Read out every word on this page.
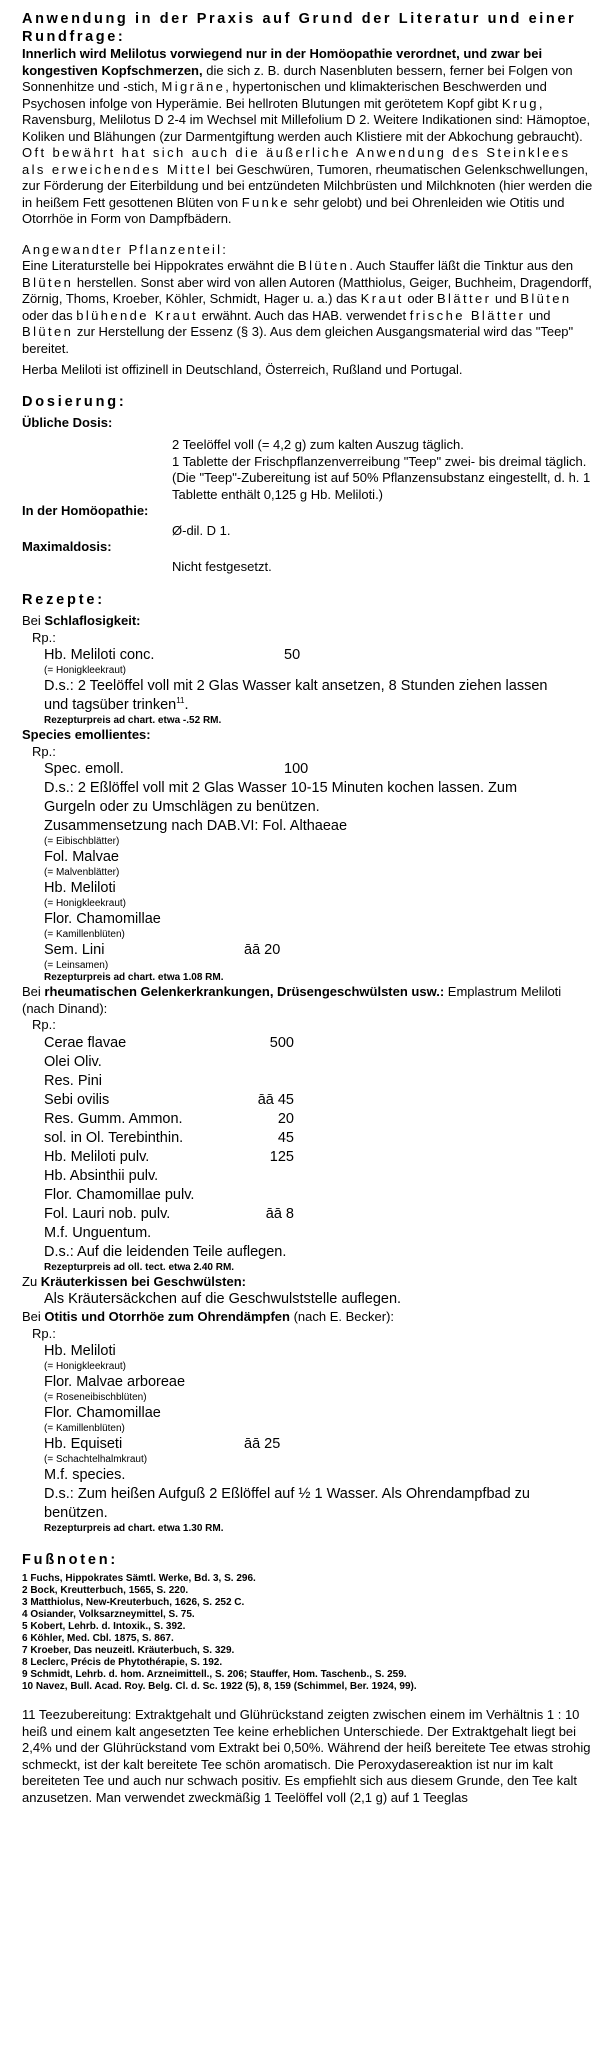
Anwendung in der Praxis auf Grund der Literatur und einer Rundfrage:

Innerlich wird Melilotus vorwiegend nur in der Homöopathie verordnet, und zwar bei kongestiven Kopfschmerzen, die sich z. B. durch Nasenbluten bessern, ferner bei Folgen von Sonnenhitze und -stich, Migräne, hypertonischen und klimakterischen Beschwerden und Psychosen infolge von Hyperämie. Bei hellroten Blutungen mit gerötetem Kopf gibt Krug, Ravensburg, Melilotus D 2-4 im Wechsel mit Millefolium D 2. Weitere Indikationen sind: Hämoptoe, Koliken und Blähungen (zur Darmentgiftung werden auch Klistiere mit der Abkochung gebraucht).

Oft bewährt hat sich auch die äußerliche Anwendung des Steinklees als erweichendes Mittel bei Geschwüren, Tumoren, rheumatischen Gelenkschwellungen, zur Förderung der Eiterbildung und bei entzündeten Milchbrüsten und Milchknoten (hier werden die in heißem Fett gesottenen Blüten von Funke sehr gelobt) und bei Ohrenleiden wie Otitis und Otorrhöe in Form von Dampfbädern.

Angewandter Pflanzenteil:

Eine Literaturstelle bei Hippokrates erwähnt die Blüten. Auch Stauffer läßt die Tinktur aus den Blüten herstellen. Sonst aber wird von allen Autoren (Matthiolus, Geiger, Buchheim, Dragendorff, Zörnig, Thoms, Kroeber, Köhler, Schmidt, Hager u. a.) das Kraut oder Blätter und Blüten oder das blühende Kraut erwähnt. Auch das HAB. verwendet frische Blätter und Blüten zur Herstellung der Essenz (§ 3). Aus dem gleichen Ausgangsmaterial wird das "Teep" bereitet.

Herba Meliloti ist offizinell in Deutschland, Österreich, Rußland und Portugal.

Dosierung:

Übliche Dosis:

2 Teelöffel voll (= 4,2 g) zum kalten Auszug täglich.

1 Tablette der Frischpflanzenverreibung "Teep" zwei- bis dreimal täglich.

(Die "Teep"-Zubereitung ist auf 50% Pflanzensubstanz eingestellt, d. h. 1 Tablette enthält 0,125 g Hb. Meliloti.)

In der Homöopathie:

Ø-dil. D 1.

Maximaldosis:

Nicht festgesetzt.

Rezepte:

Bei Schlaflosigkeit:

Rp.:

Hb. Meliloti conc.	50

(= Honigkleekraut)

D.s.: 2 Teelöffel voll mit 2 Glas Wasser kalt ansetzen, 8 Stunden ziehen lassen und tagsüber trinken$^{11}$.

Rezepturpreis ad chart. etwa -.52 RM.

Species emollientes:

Rp.:

Spec. emoll.	100

D.s.: 2 Eßlöffel voll mit 2 Glas Wasser 10-15 Minuten kochen lassen. Zum Gurgeln oder zu Umschlägen zu benützen.

Zusammensetzung nach DAB.VI: Fol. Althaeae

(= Eibischblätter)

Fol. Malvae

(= Malvenblätter)

Hb. Meliloti

(= Honigkleekraut)

Flor. Chamomillae

(= Kamillenblüten)

Sem. Lini	āā 20

(= Leinsamen)

Rezepturpreis ad chart. etwa 1.08 RM.

Bei rheumatischen Gelenkerkrankungen, Drüsengeschwülsten usw.: Emplastrum Meliloti (nach Dinand):

Rp.:

Cerae flavae	500
Olei Oliv.
Res. Pini
Sebi ovilis	āā 45
Res. Gumm. Ammon.	20
sol. in Ol. Terebinthin.	45
Hb. Meliloti pulv.	125
Hb. Absinthii pulv.
Flor. Chamomillae pulv.
Fol. Lauri nob. pulv.	āā 8
M.f. Unguentum.

D.s.: Auf die leidenden Teile auflegen.

Rezepturpreis ad oll. tect. etwa 2.40 RM.

Zu Kräuterkissen bei Geschwülsten:

Als Kräutersäckchen auf die Geschwulststelle auflegen.

Bei Otitis und Otorrhöe zum Ohrendämpfen (nach E. Becker):

Rp.:

Hb. Meliloti

(= Honigkleekraut)

Flor. Malvae arboreae

(= Roseneibischblüten)

Flor. Chamomillae

(= Kamillenblüten)

Hb. Equiseti	āā 25

(= Schachtelhalmkraut)

M.f. species.

D.s.: Zum heißen Aufguß 2 Eßlöffel auf ½ 1 Wasser. Als Ohrendampfbad zu benützen.

Rezepturpreis ad chart. etwa 1.30 RM.

Fußnoten:

1 Fuchs, Hippokrates Sämtl. Werke, Bd. 3, S. 296.

2 Bock, Kreutterbuch, 1565, S. 220.

3 Matthiolus, New-Kreuterbuch, 1626, S. 252 C.

4 Osiander, Volksarzneymittel, S. 75.

5 Kobert, Lehrb. d. Intoxik., S. 392.

6 Köhler, Med. Cbl. 1875, S. 867.

7 Kroeber, Das neuzeitl. Kräuterbuch, S. 329.

8 Leclerc, Précis de Phytothérapie, S. 192.

9 Schmidt, Lehrb. d. hom. Arzneimittell., S. 206; Stauffer, Hom. Taschenb., S. 259.

10 Navez, Bull. Acad. Roy. Belg. Cl. d. Sc. 1922 (5), 8, 159 (Schimmel, Ber. 1924, 99).

11 Teezubereitung: Extraktgehalt und Glührückstand zeigten zwischen einem im Verhältnis 1 : 10 heiß und einem kalt angesetzten Tee keine erheblichen Unterschiede. Der Extraktgehalt liegt bei 2,4% und der Glührückstand vom Extrakt bei 0,50%. Während der heiß bereitete Tee etwas strohig schmeckt, ist der kalt bereitete Tee schön aromatisch. Die Peroxydasereaktion ist nur im kalt bereiteten Tee und auch nur schwach positiv. Es empfiehlt sich aus diesem Grunde, den Tee kalt anzusetzen. Man verwendet zweckmäßig 1 Teelöffel voll (2,1 g) auf 1 Teeglas
